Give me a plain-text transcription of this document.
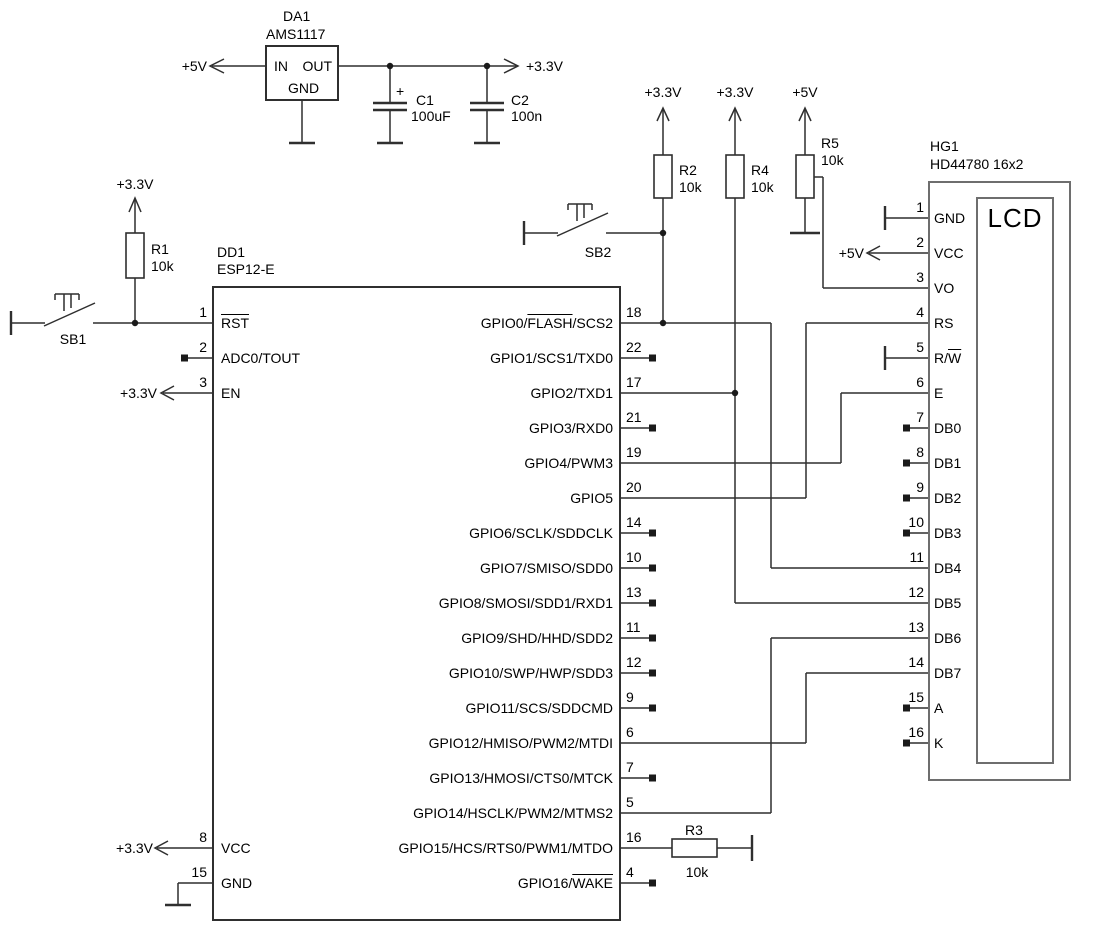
+5V
DA1
AMS1117
IN OUT
GND
+3.3V
+
C1
100uF
C2
100n
+3.3V
R1
10k
SB1
+3.3V
R2
10k
+3.3V
R4
10k
+5V
R5
10k
SB2
DD1
ESP12-E
HG1
HD44780 16x2
LCD
+3.3V
+3.3V
+5V
R3
10k
1
$\overline{RST}$
2
ADC0/TOUT
3
EN
8
VCC
15
GND
18
GPIO0/FLASH/SCS2
22
GPIO1/SCS1/TXD0
17
GPIO2/TXD1
21
GPIO3/RXD0
19
GPIO4/PWM3
20
GPIO5
14
GPIO6/SCLK/SDDCLK
10
GPIO7/SMISO/SDD0
13
GPIO8/SMOSI/SDD1/RXD1
11
GPIO9/SHD/HHD/SDD2
12
GPIO10/SWP/HWP/SDD3
9
GPIO11/SCS/SDDCMD
6
GPIO12/HMISO/PWM2/MTDI
7
GPIO13/HMOSI/CTS0/MTCK
5
GPIO14/HSCLK/PWM2/MTMS2
16
GPIO15/HCS/RTS0/PWM1/MTDO
4
GPIO16/WAKE
1
GND
2
VCC
3
VO
4
RS
5
$R/\overline{W}$
6
E
7
DB0
8
DB1
9
DB2
10
DB3
11
DB4
12
DB5
13
DB6
14
DB7
15
A
16
K
